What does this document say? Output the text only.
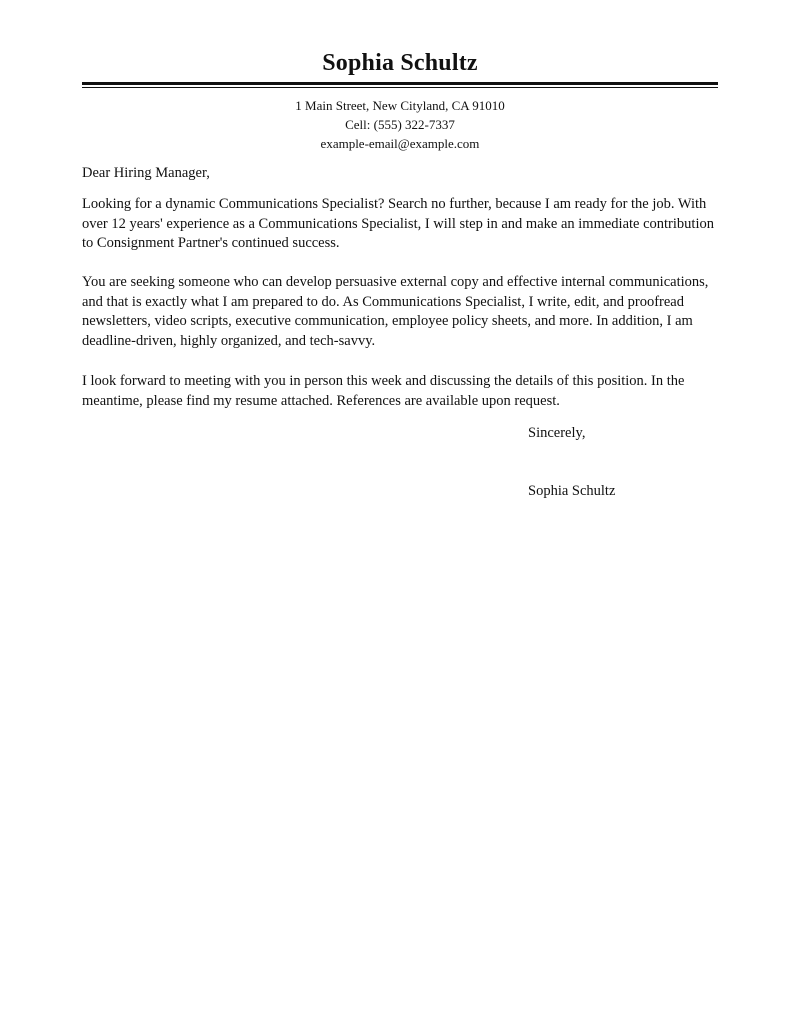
Sophia Schultz
1 Main Street, New Cityland, CA 91010
Cell: (555) 322-7337
example-email@example.com
Dear Hiring Manager,
Looking for a dynamic Communications Specialist? Search no further, because I am ready for the job. With over 12 years' experience as a Communications Specialist, I will step in and make an immediate contribution to Consignment Partner's continued success.
You are seeking someone who can develop persuasive external copy and effective internal communications, and that is exactly what I am prepared to do. As Communications Specialist, I write, edit, and proofread newsletters, video scripts, executive communication, employee policy sheets, and more. In addition, I am deadline-driven, highly organized, and tech-savvy.
I look forward to meeting with you in person this week and discussing the details of this position. In the meantime, please find my resume attached. References are available upon request.
Sincerely,
Sophia Schultz
